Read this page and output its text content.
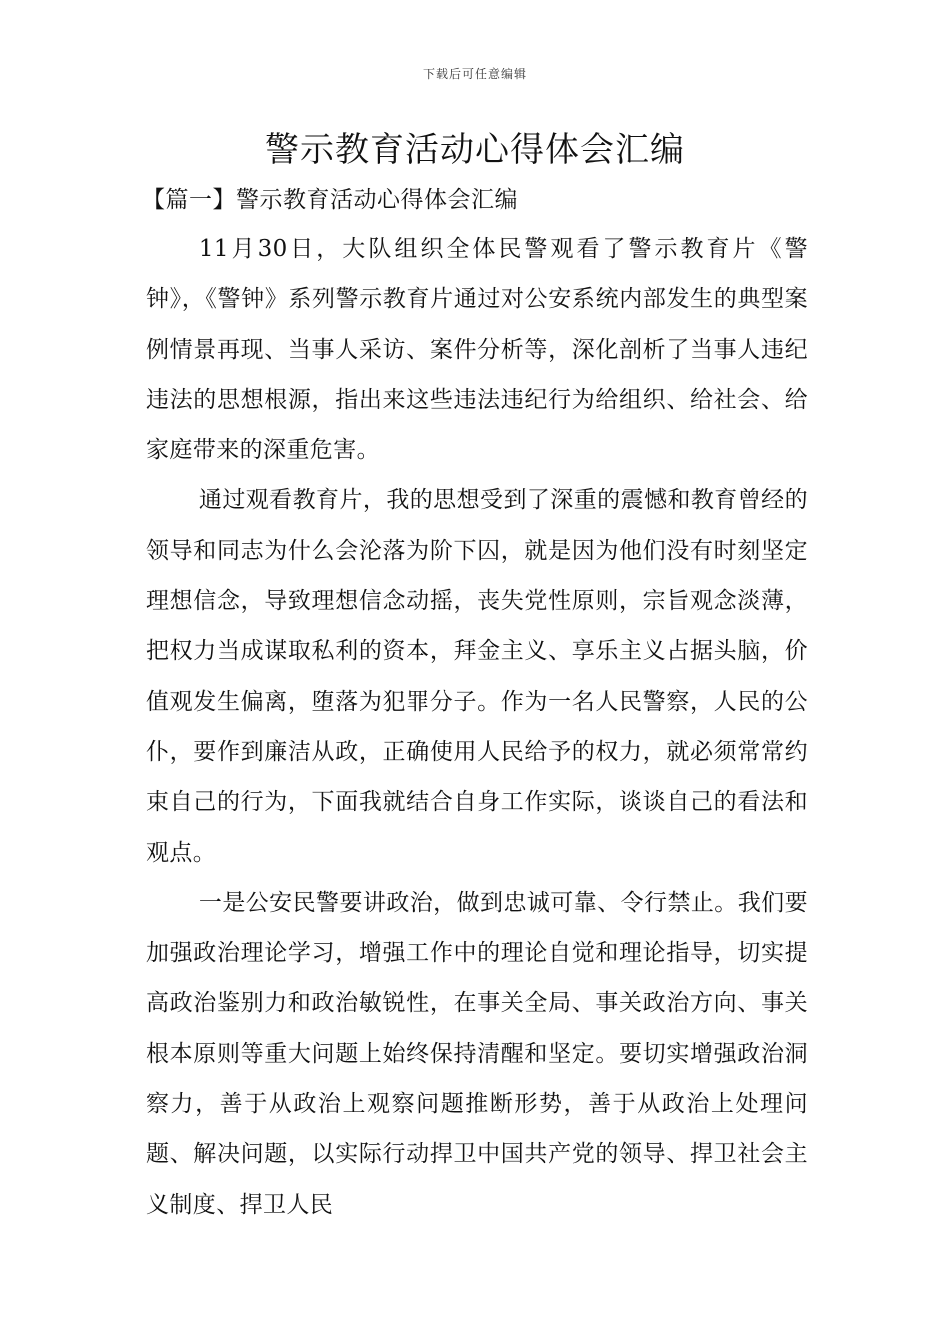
下载后可任意编辑
警示教育活动心得体会汇编

【篇一】警示教育活动心得体会汇编

11月30日，大队组织全体民警观看了警示教育片《警钟》，《警钟》系列警示教育片通过对公安系统内部发生的典型案例情景再现、当事人采访、案件分析等，深化剖析了当事人违纪违法的思想根源，指出来这些违法违纪行为给组织、给社会、给家庭带来的深重危害。

通过观看教育片，我的思想受到了深重的震憾和教育曾经的领导和同志为什么会沦落为阶下囚，就是因为他们没有时刻坚定理想信念，导致理想信念动摇，丧失党性原则，宗旨观念淡薄，把权力当成谋取私利的资本，拜金主义、享乐主义占据头脑，价值观发生偏离，堕落为犯罪分子。作为一名人民警察，人民的公仆，要作到廉洁从政，正确使用人民给予的权力，就必须常常约束自己的行为，下面我就结合自身工作实际，谈谈自己的看法和观点。

一是公安民警要讲政治，做到忠诚可靠、令行禁止。我们要加强政治理论学习，增强工作中的理论自觉和理论指导，切实提高政治鉴别力和政治敏锐性，在事关全局、事关政治方向、事关根本原则等重大问题上始终保持清醒和坚定。要切实增强政治洞察力，善于从政治上观察问题推断形势，善于从政治上处理问题、解决问题，以实际行动捍卫中国共产党的领导、捍卫社会主义制度、捍卫人民
